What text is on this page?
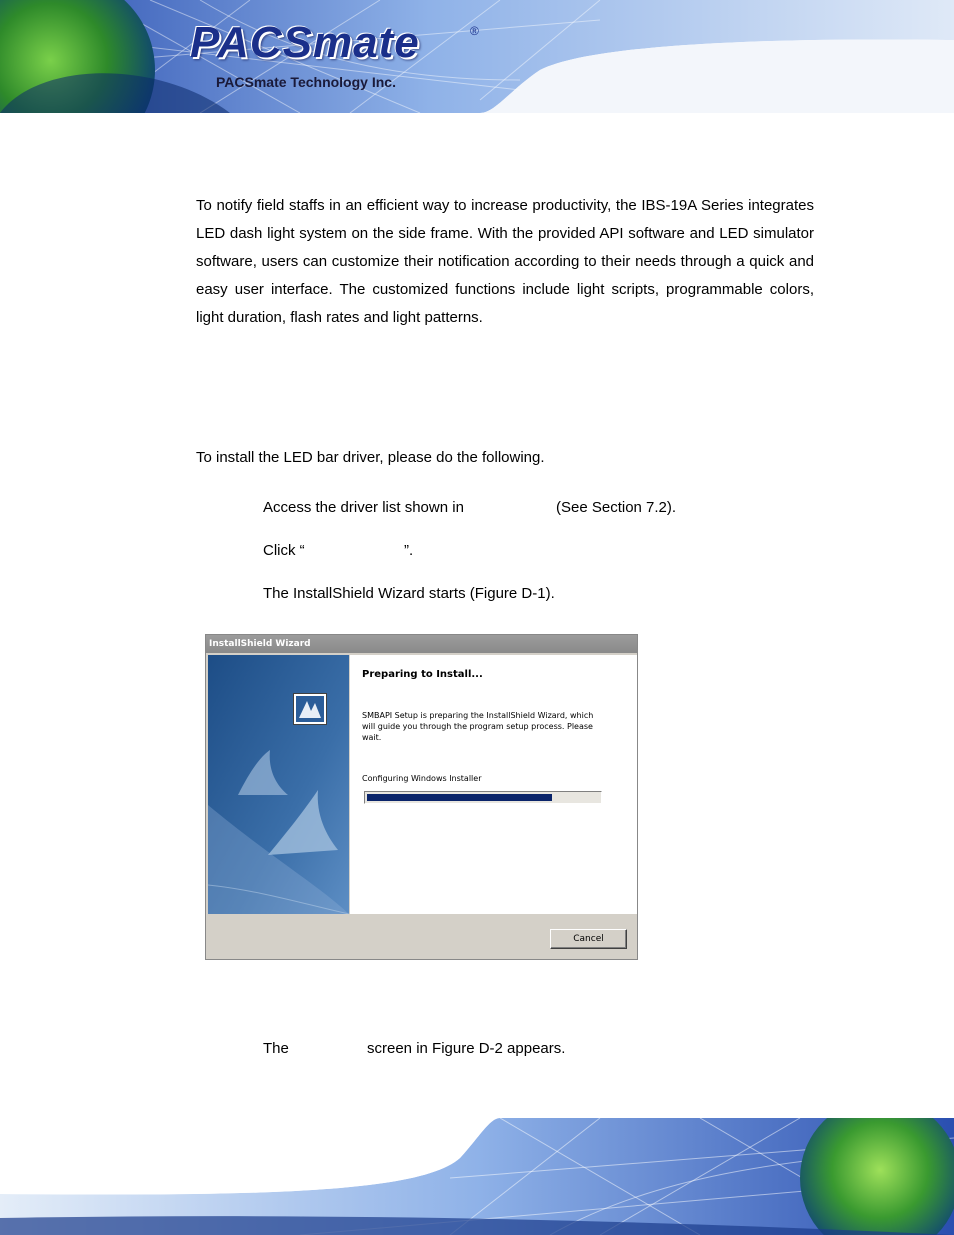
PACSmate	®
PACSmate Technology Inc.
To notify field staffs in an efficient way to increase productivity, the IBS-19A Series integrates LED dash light system on the side frame. With the provided API software and LED simulator software, users can customize their notification according to their needs through a quick and easy user interface. The customized functions include light scripts, programmable colors, light duration, flash rates and light patterns.
To install the LED bar driver, please do the following.
Access the driver list shown in	(See Section 7.2).
Click “	”.
The InstallShield Wizard starts (Figure D-1).
InstallShield Wizard
Preparing to Install...
SMBAPI Setup is preparing the InstallShield Wizard, which will guide you through the program setup process. Please wait.
Configuring Windows Installer
Cancel
The	screen in Figure D-2 appears.
